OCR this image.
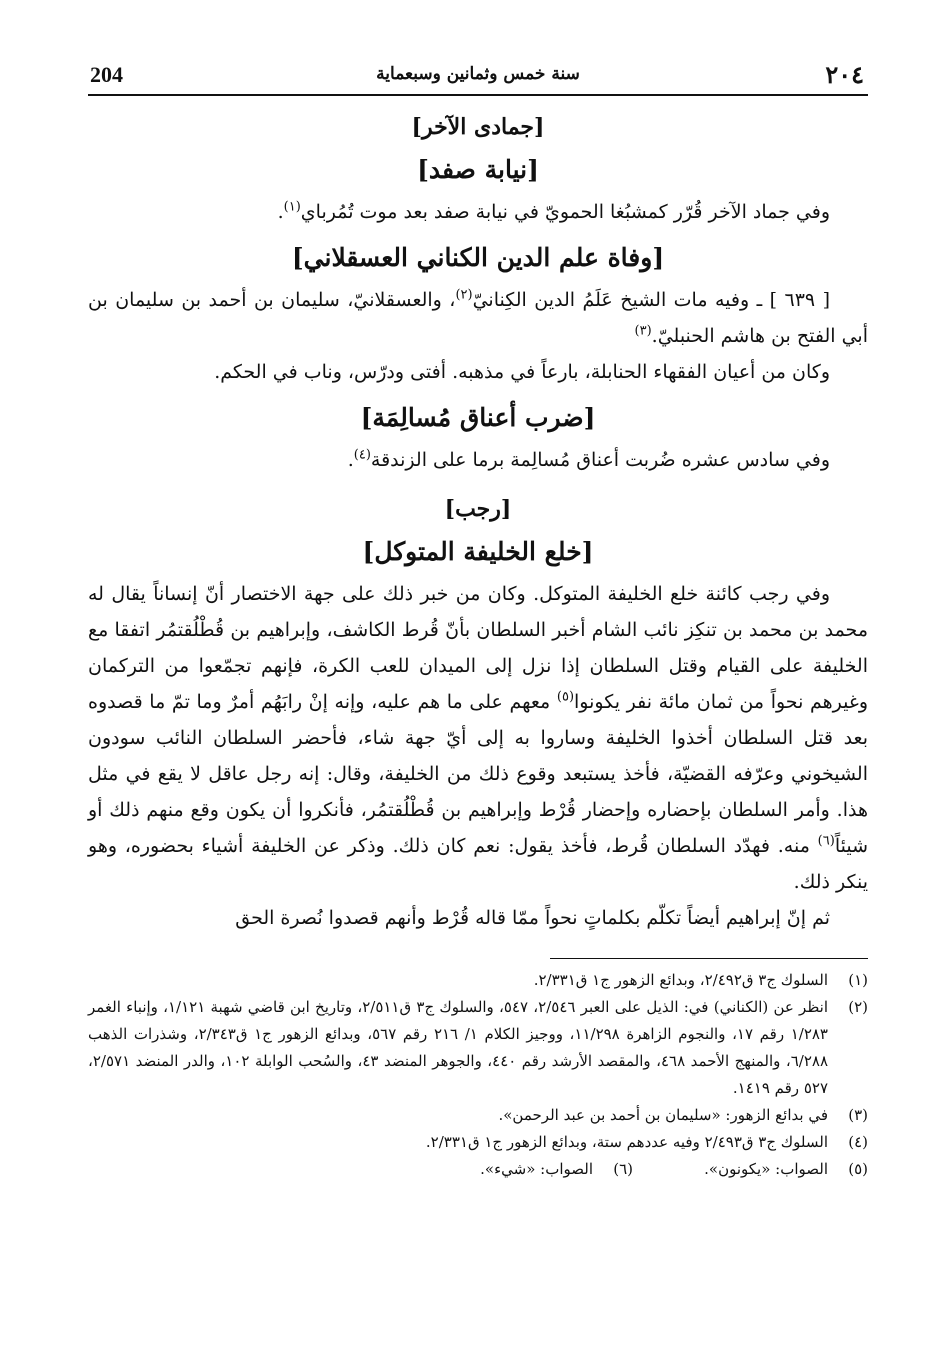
204	سنة خمس وثمانين وسبعماية	٢٠٤
[جمادى الآخر]
[نيابة صفد]

وفي جماد الآخر قُرّر كمشبُغا الحمويّ في نيابة صفد بعد موت تُمُرباي$^{(١)}$.

[وفاة علم الدين الكناني العسقلاني]

[ ٦٣٩ ] ـ وفيه مات الشيخ عَلَمُ الدين الكِنانيّ$^{(٢)}$، والعسقلانيّ، سليمان بن أحمد بن سليمان بن أبي الفتح بن هاشم الحنبليّ.$^{(٣)}$

وكان من أعيان الفقهاء الحنابلة، بارعاً في مذهبه. أفتى ودرّس، وناب في الحكم.

[ضرب أعناق مُسالِمَة]

وفي سادس عشره ضُربت أعناق مُسالِمة برما على الزندقة$^{(٤)}$.

[رجب]
[خلع الخليفة المتوكل]

وفي رجب كائنة خلع الخليفة المتوكل. وكان من خبر ذلك على جهة الاختصار أنّ إنساناً يقال له محمد بن محمد بن تنكِز نائب الشام أخبر السلطان بأنّ قُرط الكاشف، وإبراهيم بن قُطْلُقتمُر اتفقا مع الخليفة على القيام وقتل السلطان إذا نزل إلى الميدان للعب الكرة، فإنهم تجمّعوا من التركمان وغيرهم نحواً من ثمان مائة نفر يكونوا$^{(٥)}$ معهم على ما هم عليه، وإنه إنْ رابَهُم أمرٌ وما تمّ ما قصدوه بعد قتل السلطان أخذوا الخليفة وساروا به إلى أيّ جهة شاء، فأحضر السلطان النائب سودون الشيخوني وعرّفه القضيّة، فأخذ يستبعد وقوع ذلك من الخليفة، وقال: إنه رجل عاقل لا يقع في مثل هذا. وأمر السلطان بإحضاره وإحضار قُرْط وإبراهيم بن قُطْلُقتمُر، فأنكروا أن يكون وقع منهم ذلك أو شيئاً$^{(٦)}$ منه. فهدّد السلطان قُرط، فأخذ يقول: نعم كان ذلك. وذكر عن الخليفة أشياء بحضوره، وهو ينكر ذلك.

ثم إنّ إبراهيم أيضاً تكلّم بكلماتٍ نحواً ممّا قاله قُرْط وأنهم قصدوا نُصرة الحق

(١)
السلوك ج٣ ق٢/٤٩٢، وبدائع الزهور ج١ ق٢/٣٣١.
(٢)
انظر عن (الكناني) في: الذيل على العبر ٢/٥٤٦، ٥٤٧، والسلوك ج٣ ق٢/٥١١، وتاريخ ابن قاضي شهبة ١/١٢١، وإنباء الغمر ١/٢٨٣ رقم ١٧، والنجوم الزاهرة ١١/٢٩٨، ووجيز الكلام ١/ ٢١٦ رقم ٥٦٧، وبدائع الزهور ج١ ق٢/٣٤٣، وشذرات الذهب ٦/٢٨٨، والمنهج الأحمد ٤٦٨، والمقصد الأرشد رقم ٤٤٠، والجوهر المنضد ٤٣، والسُحب الوابلة ١٠٢، والدر المنضد ٢/٥٧١، ٥٢٧ رقم ١٤١٩.
(٣)
في بدائع الزهور: «سليمان بن أحمد بن عبد الرحمن».
(٤)
السلوك ج٣ ق٢/٤٩٣ وفيه عددهم ستة، وبدائع الزهور ج١ ق٢/٣٣١.
(٥)
الصواب: «يكونون».
(٦)
الصواب: «شيء».
